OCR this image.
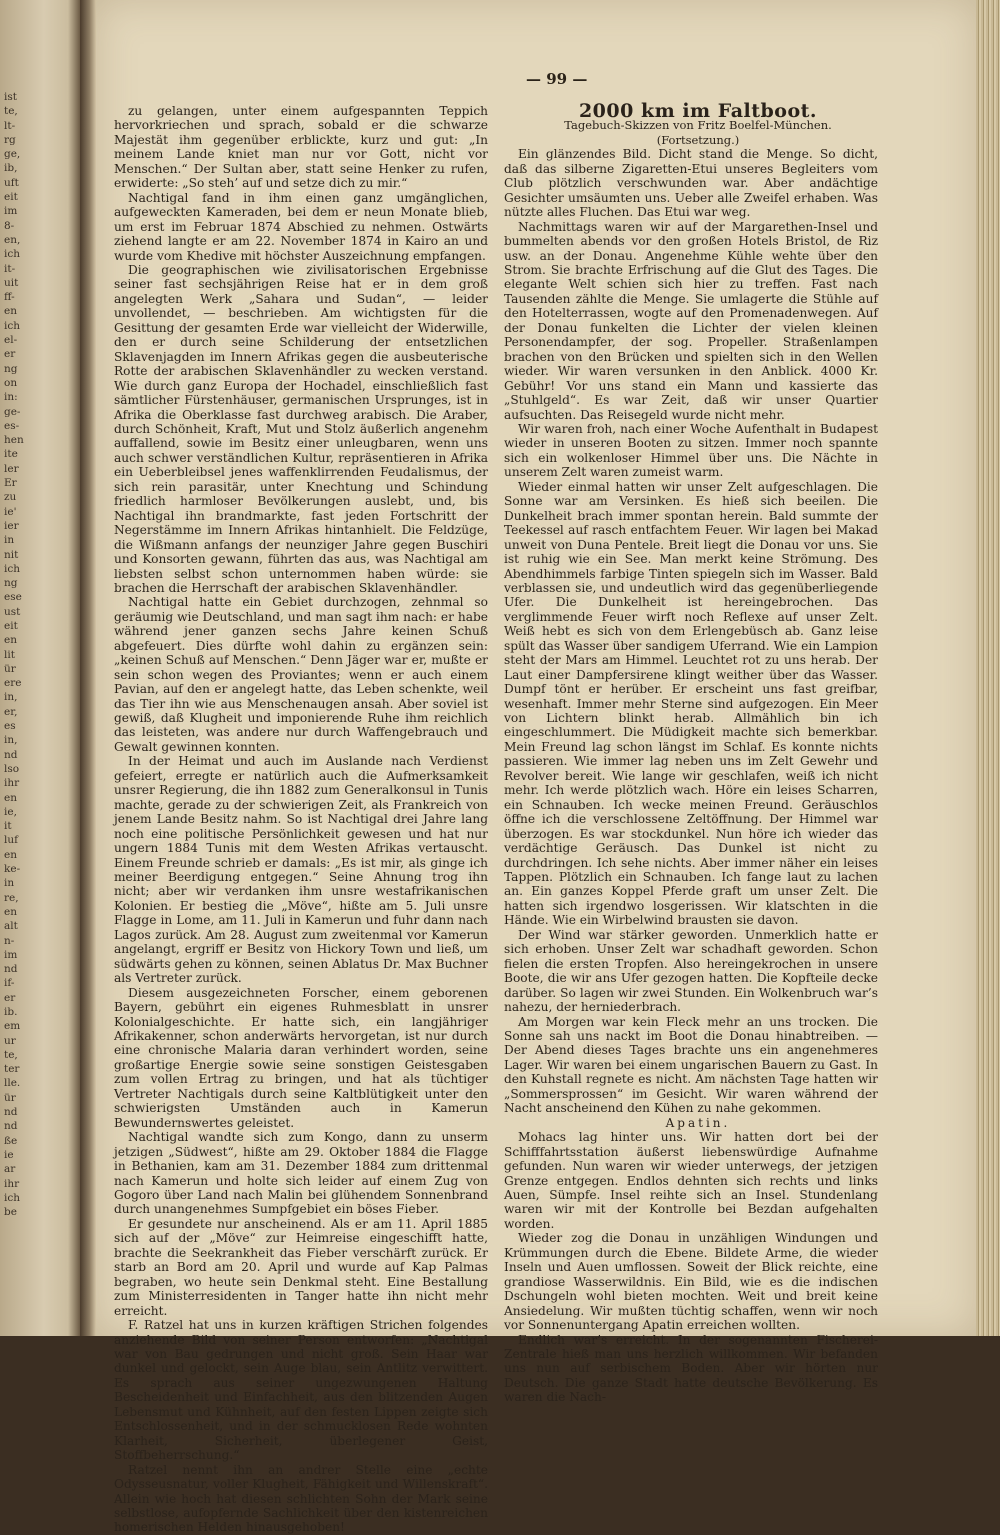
ist
te,
lt-
rg
ge,
ib,
uft
eit
im
8-
en,
ich
it-
uit
ff-
en
ich
el-
er
ng
on
in:
ge-
es-
hen
ite
ler
Er
zu
ie'
ier
in
nit
ich
ng
ese
ust
eit
en
lit
ür
ere
in,
er,
es
in,
nd
lso
ihr
en
ie,
it
luf
en
ke-
in
re,
en
alt
n-
im
nd
if-
er
ib.
em
ur
te,
ter
lle.
ür
nd
nd
ße
ie
ar
ihr
ich
be
— 99 —

zu gelangen, unter einem aufgespannten Teppich hervorkriechen und sprach, sobald er die schwarze Majestät ihm gegenüber erblickte, kurz und gut: „In meinem Lande kniet man nur vor Gott, nicht vor Menschen.“ Der Sultan aber, statt seine Henker zu rufen, erwiderte: „So steh’ auf und setze dich zu mir.“

Nachtigal fand in ihm einen ganz umgänglichen, aufgeweckten Kameraden, bei dem er neun Monate blieb, um erst im Februar 1874 Abschied zu nehmen. Ostwärts ziehend langte er am 22. November 1874 in Kairo an und wurde vom Khedive mit höchster Auszeichnung empfangen.

Die geographischen wie zivilisatorischen Ergebnisse seiner fast sechsjährigen Reise hat er in dem groß angelegten Werk „Sahara und Sudan“, — leider unvollendet, — beschrieben. Am wichtigsten für die Gesittung der gesamten Erde war vielleicht der Widerwille, den er durch seine Schilderung der entsetzlichen Sklavenjagden im Innern Afrikas gegen die ausbeuterische Rotte der arabischen Sklavenhändler zu wecken verstand. Wie durch ganz Europa der Hochadel, einschließlich fast sämtlicher Fürstenhäuser, germanischen Ursprunges, ist in Afrika die Oberklasse fast durchweg arabisch. Die Araber, durch Schönheit, Kraft, Mut und Stolz äußerlich angenehm auffallend, sowie im Besitz einer unleugbaren, wenn uns auch schwer verständlichen Kultur, repräsentieren in Afrika ein Ueberbleibsel jenes waffenklirrenden Feudalismus, der sich rein parasitär, unter Knechtung und Schindung friedlich harmloser Bevölkerungen auslebt, und, bis Nachtigal ihn brandmarkte, fast jeden Fortschritt der Negerstämme im Innern Afrikas hintanhielt. Die Feldzüge, die Wißmann anfangs der neunziger Jahre gegen Buschiri und Konsorten gewann, führten das aus, was Nachtigal am liebsten selbst schon unternommen haben würde: sie brachen die Herrschaft der arabischen Sklavenhändler.

Nachtigal hatte ein Gebiet durchzogen, zehnmal so geräumig wie Deutschland, und man sagt ihm nach: er habe während jener ganzen sechs Jahre keinen Schuß abgefeuert. Dies dürfte wohl dahin zu ergänzen sein: „keinen Schuß auf Menschen.“ Denn Jäger war er, mußte er sein schon wegen des Proviantes; wenn er auch einem Pavian, auf den er angelegt hatte, das Leben schenkte, weil das Tier ihn wie aus Menschenaugen ansah. Aber soviel ist gewiß, daß Klugheit und imponierende Ruhe ihm reichlich das leisteten, was andere nur durch Waffengebrauch und Gewalt gewinnen konnten.

In der Heimat und auch im Auslande nach Verdienst gefeiert, erregte er natürlich auch die Aufmerksamkeit unsrer Regierung, die ihn 1882 zum Generalkonsul in Tunis machte, gerade zu der schwierigen Zeit, als Frankreich von jenem Lande Besitz nahm. So ist Nachtigal drei Jahre lang noch eine politische Persönlichkeit gewesen und hat nur ungern 1884 Tunis mit dem Westen Afrikas vertauscht. Einem Freunde schrieb er damals: „Es ist mir, als ginge ich meiner Beerdigung entgegen.“ Seine Ahnung trog ihn nicht; aber wir verdanken ihm unsre westafrikanischen Kolonien. Er bestieg die „Möve“, hißte am 5. Juli unsre Flagge in Lome, am 11. Juli in Kamerun und fuhr dann nach Lagos zurück. Am 28. August zum zweitenmal vor Kamerun angelangt, ergriff er Besitz von Hickory Town und ließ, um südwärts gehen zu können, seinen Ablatus Dr. Max Buchner als Vertreter zurück.

Diesem ausgezeichneten Forscher, einem geborenen Bayern, gebührt ein eigenes Ruhmesblatt in unsrer Kolonialgeschichte. Er hatte sich, ein langjähriger Afrikakenner, schon anderwärts hervorgetan, ist nur durch eine chronische Malaria daran verhindert worden, seine großartige Energie sowie seine sonstigen Geistesgaben zum vollen Ertrag zu bringen, und hat als tüchtiger Vertreter Nachtigals durch seine Kaltblütigkeit unter den schwierigsten Umständen auch in Kamerun Bewundernswertes geleistet.

Nachtigal wandte sich zum Kongo, dann zu unserm jetzigen „Südwest“, hißte am 29. Oktober 1884 die Flagge in Bethanien, kam am 31. Dezember 1884 zum drittenmal nach Kamerun und holte sich leider auf einem Zug von Gogoro über Land nach Malin bei glühendem Sonnenbrand durch unangenehmes Sumpfgebiet ein böses Fieber.

Er gesundete nur anscheinend. Als er am 11. April 1885 sich auf der „Möve“ zur Heimreise eingeschifft hatte, brachte die Seekrankheit das Fieber verschärft zurück. Er starb an Bord am 20. April und wurde auf Kap Palmas begraben, wo heute sein Denkmal steht. Eine Bestallung zum Ministerresidenten in Tanger hatte ihn nicht mehr erreicht.

F. Ratzel hat uns in kurzen kräftigen Strichen folgendes anziehende Bild von seiner Person entworfen: „Nachtigal war von Bau gedrungen und nicht groß. Sein Haar war dunkel und gelockt, sein Auge blau, sein Antlitz verwittert. Es sprach aus seiner ungezwungenen Haltung Bescheidenheit und Einfachheit, aus den blitzenden Augen Lebensmut und Kühnheit, auf den festen Lippen zeigte sich Entschlossenheit, und in der schmucklosen Rede wohnten Klarheit, Sicherheit, überlegener Geist, Stoffbeherrschung.“

Ratzel nennt ihn an andrer Stelle eine „echte Odysseusnatur, voller Klugheit, Fähigkeit und Willenskraft“. Allein wie hoch hat diesen schlichten Sohn der Mark seine selbstlose, aufopfernde Sachlichkeit über den kistenreichen homerischen Helden hinausgehoben!

2000 km im Faltboot.

Tagebuch-Skizzen von Fritz Boelfel-München.

(Fortsetzung.)

Ein glänzendes Bild. Dicht stand die Menge. So dicht, daß das silberne Zigaretten-Etui unseres Begleiters vom Club plötzlich verschwunden war. Aber andächtige Gesichter umsäumten uns. Ueber alle Zweifel erhaben. Was nützte alles Fluchen. Das Etui war weg.

Nachmittags waren wir auf der Margarethen-Insel und bummelten abends vor den großen Hotels Bristol, de Riz usw. an der Donau. Angenehme Kühle wehte über den Strom. Sie brachte Erfrischung auf die Glut des Tages. Die elegante Welt schien sich hier zu treffen. Fast nach Tausenden zählte die Menge. Sie umlagerte die Stühle auf den Hotelterrassen, wogte auf den Promenadenwegen. Auf der Donau funkelten die Lichter der vielen kleinen Personendampfer, der sog. Propeller. Straßenlampen brachen von den Brücken und spielten sich in den Wellen wieder. Wir waren versunken in den Anblick. 4000 Kr. Gebühr! Vor uns stand ein Mann und kassierte das „Stuhlgeld“. Es war Zeit, daß wir unser Quartier aufsuchten. Das Reisegeld wurde nicht mehr.

Wir waren froh, nach einer Woche Aufenthalt in Budapest wieder in unseren Booten zu sitzen. Immer noch spannte sich ein wolkenloser Himmel über uns. Die Nächte in unserem Zelt waren zumeist warm.

Wieder einmal hatten wir unser Zelt aufgeschlagen. Die Sonne war am Versinken. Es hieß sich beeilen. Die Dunkelheit brach immer spontan herein. Bald summte der Teekessel auf rasch entfachtem Feuer. Wir lagen bei Makad unweit von Duna Pentele. Breit liegt die Donau vor uns. Sie ist ruhig wie ein See. Man merkt keine Strömung. Des Abendhimmels farbige Tinten spiegeln sich im Wasser. Bald verblassen sie, und undeutlich wird das gegenüberliegende Ufer. Die Dunkelheit ist hereingebrochen. Das verglimmende Feuer wirft noch Reflexe auf unser Zelt. Weiß hebt es sich von dem Erlengebüsch ab. Ganz leise spült das Wasser über sandigem Uferrand. Wie ein Lampion steht der Mars am Himmel. Leuchtet rot zu uns herab. Der Laut einer Dampfersirene klingt weither über das Wasser. Dumpf tönt er herüber. Er erscheint uns fast greifbar, wesenhaft. Immer mehr Sterne sind aufgezogen. Ein Meer von Lichtern blinkt herab. Allmählich bin ich eingeschlummert. Die Müdigkeit machte sich bemerkbar. Mein Freund lag schon längst im Schlaf. Es konnte nichts passieren. Wie immer lag neben uns im Zelt Gewehr und Revolver bereit. Wie lange wir geschlafen, weiß ich nicht mehr. Ich werde plötzlich wach. Höre ein leises Scharren, ein Schnauben. Ich wecke meinen Freund. Geräuschlos öffne ich die verschlossene Zeltöffnung. Der Himmel war überzogen. Es war stockdunkel. Nun höre ich wieder das verdächtige Geräusch. Das Dunkel ist nicht zu durchdringen. Ich sehe nichts. Aber immer näher ein leises Tappen. Plötzlich ein Schnauben. Ich fange laut zu lachen an. Ein ganzes Koppel Pferde graft um unser Zelt. Die hatten sich irgendwo losgerissen. Wir klatschten in die Hände. Wie ein Wirbelwind brausten sie davon.

Der Wind war stärker geworden. Unmerklich hatte er sich erhoben. Unser Zelt war schadhaft geworden. Schon fielen die ersten Tropfen. Also hereingekrochen in unsere Boote, die wir ans Ufer gezogen hatten. Die Kopfteile decke darüber. So lagen wir zwei Stunden. Ein Wolkenbruch war’s nahezu, der herniederbrach.

Am Morgen war kein Fleck mehr an uns trocken. Die Sonne sah uns nackt im Boot die Donau hinabtreiben. — Der Abend dieses Tages brachte uns ein angenehmeres Lager. Wir waren bei einem ungarischen Bauern zu Gast. In den Kuhstall regnete es nicht. Am nächsten Tage hatten wir „Sommersprossen“ im Gesicht. Wir waren während der Nacht anscheinend den Kühen zu nahe gekommen.

Apatin.

Mohacs lag hinter uns. Wir hatten dort bei der Schifffahrtsstation äußerst liebenswürdige Aufnahme gefunden. Nun waren wir wieder unterwegs, der jetzigen Grenze entgegen. Endlos dehnten sich rechts und links Auen, Sümpfe. Insel reihte sich an Insel. Stundenlang waren wir mit der Kontrolle bei Bezdan aufgehalten worden.

Wieder zog die Donau in unzähligen Windungen und Krümmungen durch die Ebene. Bildete Arme, die wieder Inseln und Auen umflossen. Soweit der Blick reichte, eine grandiose Wasserwildnis. Ein Bild, wie es die indischen Dschungeln wohl bieten mochten. Weit und breit keine Ansiedelung. Wir mußten tüchtig schaffen, wenn wir noch vor Sonnenuntergang Apatin erreichen wollten.

Endlich war’s erreicht. In der sogenannten Fischerei-Zentrale hieß man uns herzlich willkommen. Wir befanden uns nun auf serbischem Boden. Aber wir hörten nur Deutsch. Die ganze Stadt hatte deutsche Bevölkerung. Es waren die Nach-
